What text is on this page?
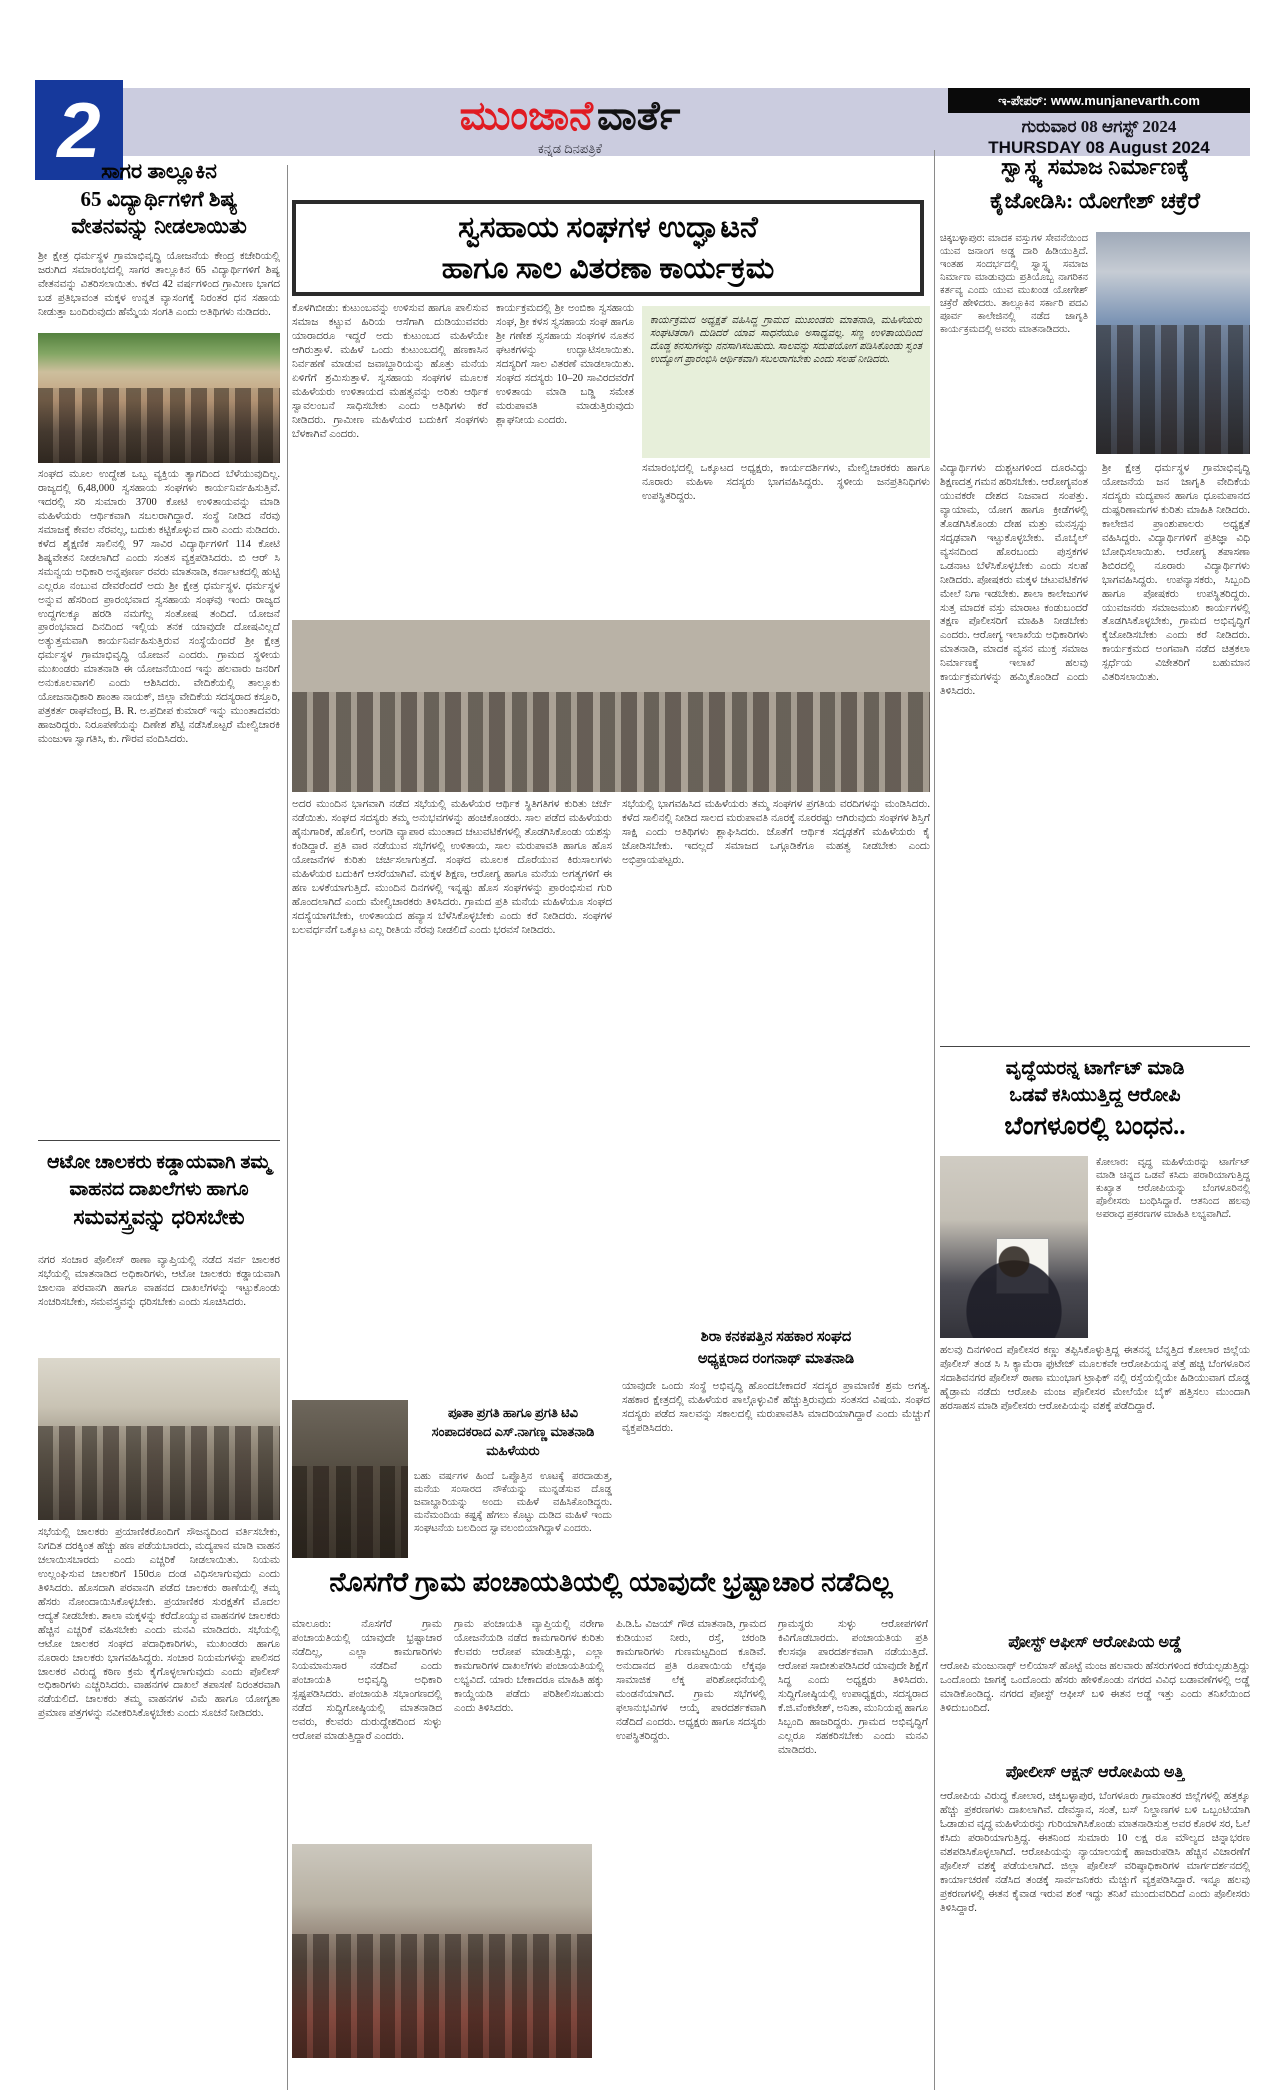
2	ಮುಂಜಾನೆ ವಾರ್ತೆ
ಕನ್ನಡ ದಿನಪತ್ರಿಕೆ
ಇ-ಪೇಪರ್: www.munjanevarth.com
ಗುರುವಾರ 08 ಆಗಸ್ಟ್ 2024
THURSDAY 08 August 2024
ಸಾಗರ ತಾಲ್ಲೂಕಿನ
65 ವಿದ್ಯಾರ್ಥಿಗಳಿಗೆ ಶಿಷ್ಯ
ವೇತನವನ್ನು ನೀಡಲಾಯಿತು
ಶ್ರೀ ಕ್ಷೇತ್ರ ಧರ್ಮಸ್ಥಳ ಗ್ರಾಮಾಭಿವೃದ್ಧಿ ಯೋಜನೆಯ ಕೇಂದ್ರ ಕಚೇರಿಯಲ್ಲಿ ಜರುಗಿದ ಸಮಾರಂಭದಲ್ಲಿ ಸಾಗರ ತಾಲ್ಲೂಕಿನ 65 ವಿದ್ಯಾರ್ಥಿಗಳಿಗೆ ಶಿಷ್ಯ ವೇತನವನ್ನು ವಿತರಿಸಲಾಯಿತು. ಕಳೆದ 42 ವರ್ಷಗಳಿಂದ ಗ್ರಾಮೀಣ ಭಾಗದ ಬಡ ಪ್ರತಿಭಾವಂತ ಮಕ್ಕಳ ಉನ್ನತ ವ್ಯಾಸಂಗಕ್ಕೆ ನಿರಂತರ ಧನ ಸಹಾಯ ನೀಡುತ್ತಾ ಬಂದಿರುವುದು ಹೆಮ್ಮೆಯ ಸಂಗತಿ ಎಂದು ಅತಿಥಿಗಳು ನುಡಿದರು.
ಸಂಘದ ಮೂಲ ಉದ್ದೇಶ ಒಬ್ಬ ವ್ಯಕ್ತಿಯ ತ್ಯಾಗದಿಂದ ಬೆಳೆಯುವುದಿಲ್ಲ. ರಾಜ್ಯದಲ್ಲಿ 6,48,000 ಸ್ವಸಹಾಯ ಸಂಘಗಳು ಕಾರ್ಯನಿರ್ವಹಿಸುತ್ತಿವೆ. ಇದರಲ್ಲಿ ಸರಿ ಸುಮಾರು 3700 ಕೋಟಿ ಉಳಿತಾಯವನ್ನು ಮಾಡಿ ಮಹಿಳೆಯರು ಆರ್ಥಿಕವಾಗಿ ಸಬಲರಾಗಿದ್ದಾರೆ. ಸಂಸ್ಥೆ ನೀಡಿದ ನೆರವು ಸಮಾಜಕ್ಕೆ ಕೇವಲ ನೆರವಲ್ಲ, ಬದುಕು ಕಟ್ಟಿಕೊಳ್ಳುವ ದಾರಿ ಎಂದು ನುಡಿದರು. ಕಳೆದ ಶೈಕ್ಷಣಿಕ ಸಾಲಿನಲ್ಲಿ 97 ಸಾವಿರ ವಿದ್ಯಾರ್ಥಿಗಳಿಗೆ 114 ಕೋಟಿ ಶಿಷ್ಯವೇತನ ನೀಡಲಾಗಿದೆ ಎಂದು ಸಂತಸ ವ್ಯಕ್ತಪಡಿಸಿದರು. ಬಿ ಆರ್ ಸಿ ಸಮನ್ವಯ ಅಧಿಕಾರಿ ಅನ್ನಪೂರ್ಣ ರವರು ಮಾತನಾಡಿ, ಕರ್ನಾಟಕದಲ್ಲಿ ಹುಟ್ಟಿ ಎಲ್ಲರೂ ನಂಬುವ ದೇವರೆಂದರೆ ಅದು ಶ್ರೀ ಕ್ಷೇತ್ರ ಧರ್ಮಸ್ಥಳ. ಧರ್ಮಸ್ಥಳ ಅನ್ನುವ ಹೆಸರಿಂದ ಪ್ರಾರಂಭವಾದ ಸ್ವಸಹಾಯ ಸಂಘವು ಇಂದು ರಾಜ್ಯದ ಉದ್ದಗಲಕ್ಕೂ ಹರಡಿ ನಮಗೆಲ್ಲ ಸಂತೋಷ ತಂದಿದೆ. ಯೋಜನೆ ಪ್ರಾರಂಭವಾದ ದಿನದಿಂದ ಇಲ್ಲಿಯ ತನಕ ಯಾವುದೇ ದೋಷವಿಲ್ಲದೆ ಅತ್ಯುತ್ತಮವಾಗಿ ಕಾರ್ಯನಿರ್ವಹಿಸುತ್ತಿರುವ ಸಂಸ್ಥೆಯೆಂದರೆ ಶ್ರೀ ಕ್ಷೇತ್ರ ಧರ್ಮಸ್ಥಳ ಗ್ರಾಮಾಭಿವೃದ್ಧಿ ಯೋಜನೆ ಎಂದರು. ಗ್ರಾಮದ ಸ್ಥಳೀಯ ಮುಖಂಡರು ಮಾತನಾಡಿ ಈ ಯೋಜನೆಯಿಂದ ಇನ್ನು ಹಲವಾರು ಜನರಿಗೆ ಅನುಕೂಲವಾಗಲಿ ಎಂದು ಆಶಿಸಿದರು. ವೇದಿಕೆಯಲ್ಲಿ ತಾಲ್ಲೂಕು ಯೋಜನಾಧಿಕಾರಿ ಶಾಂತಾ ನಾಯಕ್, ಜಿಲ್ಲಾ ವೇದಿಕೆಯ ಸದಸ್ಯರಾದ ಕಸ್ತೂರಿ, ಪತ್ರಕರ್ತ ರಾಘವೇಂದ್ರ, B. R. ಅ.ಪ್ರದೀಪ ಕುಮಾರ್ ಇನ್ನು ಮುಂತಾದವರು ಹಾಜರಿದ್ದರು. ನಿರೂಪಣೆಯನ್ನು ದಿಣೇಶ ಶೆಟ್ಟಿ ನಡೆಸಿಕೊಟ್ಟರೆ ಮೇಲ್ವಿಚಾರಕಿ ಮಂಜುಳಾ ಸ್ವಾಗತಿಸಿ, ಕು. ಗೌರವ ವಂದಿಸಿದರು.
ಆಟೋ ಚಾಲಕರು ಕಡ್ಡಾಯವಾಗಿ ತಮ್ಮ
ವಾಹನದ ದಾಖಲೆಗಳು ಹಾಗೂ
ಸಮವಸ್ತ್ರವನ್ನು ಧರಿಸಬೇಕು
ನಗರ ಸಂಚಾರ ಪೊಲೀಸ್ ಠಾಣಾ ವ್ಯಾಪ್ತಿಯಲ್ಲಿ ನಡೆದ ಸರ್ವ ಚಾಲಕರ ಸಭೆಯಲ್ಲಿ ಮಾತನಾಡಿದ ಅಧಿಕಾರಿಗಳು, ಆಟೋ ಚಾಲಕರು ಕಡ್ಡಾಯವಾಗಿ ಚಾಲನಾ ಪರವಾನಗಿ ಹಾಗೂ ವಾಹನದ ದಾಖಲೆಗಳನ್ನು ಇಟ್ಟುಕೊಂಡು ಸಂಚರಿಸಬೇಕು, ಸಮವಸ್ತ್ರವನ್ನು ಧರಿಸಬೇಕು ಎಂದು ಸೂಚಿಸಿದರು.
ಸಭೆಯಲ್ಲಿ ಚಾಲಕರು ಪ್ರಯಾಣಿಕರೊಂದಿಗೆ ಸೌಜನ್ಯದಿಂದ ವರ್ತಿಸಬೇಕು, ನಿಗದಿತ ದರಕ್ಕಿಂತ ಹೆಚ್ಚು ಹಣ ಪಡೆಯಬಾರದು, ಮದ್ಯಪಾನ ಮಾಡಿ ವಾಹನ ಚಲಾಯಿಸಬಾರದು ಎಂದು ಎಚ್ಚರಿಕೆ ನೀಡಲಾಯಿತು. ನಿಯಮ ಉಲ್ಲಂಘಿಸುವ ಚಾಲಕರಿಗೆ 150ರೂ ದಂಡ ವಿಧಿಸಲಾಗುವುದು ಎಂದು ತಿಳಿಸಿದರು. ಹೊಸದಾಗಿ ಪರವಾನಗಿ ಪಡೆದ ಚಾಲಕರು ಠಾಣೆಯಲ್ಲಿ ತಮ್ಮ ಹೆಸರು ನೋಂದಾಯಿಸಿಕೊಳ್ಳಬೇಕು. ಪ್ರಯಾಣಿಕರ ಸುರಕ್ಷತೆಗೆ ಮೊದಲ ಆದ್ಯತೆ ನೀಡಬೇಕು. ಶಾಲಾ ಮಕ್ಕಳನ್ನು ಕರೆದೊಯ್ಯುವ ವಾಹನಗಳ ಚಾಲಕರು ಹೆಚ್ಚಿನ ಎಚ್ಚರಿಕೆ ವಹಿಸಬೇಕು ಎಂದು ಮನವಿ ಮಾಡಿದರು. ಸಭೆಯಲ್ಲಿ ಆಟೋ ಚಾಲಕರ ಸಂಘದ ಪದಾಧಿಕಾರಿಗಳು, ಮುಖಂಡರು ಹಾಗೂ ನೂರಾರು ಚಾಲಕರು ಭಾಗವಹಿಸಿದ್ದರು. ಸಂಚಾರ ನಿಯಮಗಳನ್ನು ಪಾಲಿಸದ ಚಾಲಕರ ವಿರುದ್ಧ ಕಠಿಣ ಕ್ರಮ ಕೈಗೊಳ್ಳಲಾಗುವುದು ಎಂದು ಪೊಲೀಸ್ ಅಧಿಕಾರಿಗಳು ಎಚ್ಚರಿಸಿದರು. ವಾಹನಗಳ ದಾಖಲೆ ತಪಾಸಣೆ ನಿರಂತರವಾಗಿ ನಡೆಯಲಿದೆ. ಚಾಲಕರು ತಮ್ಮ ವಾಹನಗಳ ವಿಮೆ ಹಾಗೂ ಯೋಗ್ಯತಾ ಪ್ರಮಾಣ ಪತ್ರಗಳನ್ನು ನವೀಕರಿಸಿಕೊಳ್ಳಬೇಕು ಎಂದು ಸೂಚನೆ ನೀಡಿದರು.
ಸ್ವಸಹಾಯ ಸಂಘಗಳ ಉದ್ಘಾಟನೆ
ಹಾಗೂ ಸಾಲ ವಿತರಣಾ ಕಾರ್ಯಕ್ರಮ
ಕೊಳಗಿಬೀಡು: ಕುಟುಂಬವನ್ನು ಉಳಿಸುವ ಹಾಗೂ ಪಾಲಿಸುವ ಸಮಾಜ ಕಟ್ಟುವ ಹಿರಿಯ ಆಸೆಗಾಗಿ ದುಡಿಯುವವರು ಯಾರಾದರೂ ಇದ್ದರೆ ಅದು ಕುಟುಂಬದ ಮಹಿಳೆಯೇ ಆಗಿರುತ್ತಾಳೆ. ಮಹಿಳೆ ಒಂದು ಕುಟುಂಬದಲ್ಲಿ ಹಣಕಾಸಿನ ನಿರ್ವಹಣೆ ಮಾಡುವ ಜವಾಬ್ದಾರಿಯನ್ನು ಹೊತ್ತು ಮನೆಯ ಏಳಿಗೆಗೆ ಶ್ರಮಿಸುತ್ತಾಳೆ. ಸ್ವಸಹಾಯ ಸಂಘಗಳ ಮೂಲಕ ಮಹಿಳೆಯರು ಉಳಿತಾಯದ ಮಹತ್ವವನ್ನು ಅರಿತು ಆರ್ಥಿಕ ಸ್ವಾವಲಂಬನೆ ಸಾಧಿಸಬೇಕು ಎಂದು ಅತಿಥಿಗಳು ಕರೆ ನೀಡಿದರು. ಗ್ರಾಮೀಣ ಮಹಿಳೆಯರ ಬದುಕಿಗೆ ಸಂಘಗಳು ಬೆಳಕಾಗಿವೆ ಎಂದರು.
ಕಾರ್ಯಕ್ರಮದಲ್ಲಿ ಶ್ರೀ ಅಂಬಿಕಾ ಸ್ವಸಹಾಯ ಸಂಘ, ಶ್ರೀ ಕಳಸ ಸ್ವಸಹಾಯ ಸಂಘ ಹಾಗೂ ಶ್ರೀ ಗಣೇಶ ಸ್ವಸಹಾಯ ಸಂಘಗಳ ನೂತನ ಘಟಕಗಳನ್ನು ಉದ್ಘಾಟಿಸಲಾಯಿತು. ಸದಸ್ಯರಿಗೆ ಸಾಲ ವಿತರಣೆ ಮಾಡಲಾಯಿತು. ಸಂಘದ ಸದಸ್ಯರು 10–20 ಸಾವಿರದವರೆಗೆ ಉಳಿತಾಯ ಮಾಡಿ ಬಡ್ಡಿ ಸಮೇತ ಮರುಪಾವತಿ ಮಾಡುತ್ತಿರುವುದು ಶ್ಲಾಘನೀಯ ಎಂದರು.
ಕಾರ್ಯಕ್ರಮದ ಅಧ್ಯಕ್ಷತೆ ವಹಿಸಿದ್ದ ಗ್ರಾಮದ ಮುಖಂಡರು ಮಾತನಾಡಿ, ಮಹಿಳೆಯರು ಸಂಘಟಿತರಾಗಿ ದುಡಿದರೆ ಯಾವ ಸಾಧನೆಯೂ ಅಸಾಧ್ಯವಲ್ಲ. ಸಣ್ಣ ಉಳಿತಾಯದಿಂದ ದೊಡ್ಡ ಕನಸುಗಳನ್ನು ನನಸಾಗಿಸಬಹುದು. ಸಾಲವನ್ನು ಸದುಪಯೋಗ ಪಡಿಸಿಕೊಂಡು ಸ್ವಂತ ಉದ್ಯೋಗ ಪ್ರಾರಂಭಿಸಿ ಆರ್ಥಿಕವಾಗಿ ಸಬಲರಾಗಬೇಕು ಎಂದು ಸಲಹೆ ನೀಡಿದರು.
ಸಮಾರಂಭದಲ್ಲಿ ಒಕ್ಕೂಟದ ಅಧ್ಯಕ್ಷರು, ಕಾರ್ಯದರ್ಶಿಗಳು, ಮೇಲ್ವಿಚಾರಕರು ಹಾಗೂ ನೂರಾರು ಮಹಿಳಾ ಸದಸ್ಯರು ಭಾಗವಹಿಸಿದ್ದರು. ಸ್ಥಳೀಯ ಜನಪ್ರತಿನಿಧಿಗಳು ಉಪಸ್ಥಿತರಿದ್ದರು.
ಅದರ ಮುಂದಿನ ಭಾಗವಾಗಿ ನಡೆದ ಸಭೆಯಲ್ಲಿ ಮಹಿಳೆಯರ ಆರ್ಥಿಕ ಸ್ಥಿತಿಗತಿಗಳ ಕುರಿತು ಚರ್ಚೆ ನಡೆಯಿತು. ಸಂಘದ ಸದಸ್ಯರು ತಮ್ಮ ಅನುಭವಗಳನ್ನು ಹಂಚಿಕೊಂಡರು. ಸಾಲ ಪಡೆದ ಮಹಿಳೆಯರು ಹೈನುಗಾರಿಕೆ, ಹೊಲಿಗೆ, ಅಂಗಡಿ ವ್ಯಾಪಾರ ಮುಂತಾದ ಚಟುವಟಿಕೆಗಳಲ್ಲಿ ತೊಡಗಿಸಿಕೊಂಡು ಯಶಸ್ಸು ಕಂಡಿದ್ದಾರೆ. ಪ್ರತಿ ವಾರ ನಡೆಯುವ ಸಭೆಗಳಲ್ಲಿ ಉಳಿತಾಯ, ಸಾಲ ಮರುಪಾವತಿ ಹಾಗೂ ಹೊಸ ಯೋಜನೆಗಳ ಕುರಿತು ಚರ್ಚಿಸಲಾಗುತ್ತದೆ. ಸಂಘದ ಮೂಲಕ ದೊರೆಯುವ ಕಿರುಸಾಲಗಳು ಮಹಿಳೆಯರ ಬದುಕಿಗೆ ಆಸರೆಯಾಗಿವೆ. ಮಕ್ಕಳ ಶಿಕ್ಷಣ, ಆರೋಗ್ಯ ಹಾಗೂ ಮನೆಯ ಅಗತ್ಯಗಳಿಗೆ ಈ ಹಣ ಬಳಕೆಯಾಗುತ್ತಿದೆ. ಮುಂದಿನ ದಿನಗಳಲ್ಲಿ ಇನ್ನಷ್ಟು ಹೊಸ ಸಂಘಗಳನ್ನು ಪ್ರಾರಂಭಿಸುವ ಗುರಿ ಹೊಂದಲಾಗಿದೆ ಎಂದು ಮೇಲ್ವಿಚಾರಕರು ತಿಳಿಸಿದರು. ಗ್ರಾಮದ ಪ್ರತಿ ಮನೆಯ ಮಹಿಳೆಯೂ ಸಂಘದ ಸದಸ್ಯೆಯಾಗಬೇಕು, ಉಳಿತಾಯದ ಹವ್ಯಾಸ ಬೆಳೆಸಿಕೊಳ್ಳಬೇಕು ಎಂದು ಕರೆ ನೀಡಿದರು. ಸಂಘಗಳ ಬಲವರ್ಧನೆಗೆ ಒಕ್ಕೂಟ ಎಲ್ಲ ರೀತಿಯ ನೆರವು ನೀಡಲಿದೆ ಎಂದು ಭರವಸೆ ನೀಡಿದರು.
ಪೂತಾ ಪ್ರಗತಿ ಹಾಗೂ ಪ್ರಗತಿ ಟಿವಿ
ಸಂಪಾದಕರಾದ ಎಸ್.ನಾಗಣ್ಣ ಮಾತನಾಡಿ
ಮಹಿಳೆಯರು
ಬಹು ವರ್ಷಗಳ ಹಿಂದೆ ಒಪ್ಪೊತ್ತಿನ ಊಟಕ್ಕೆ ಪರದಾಡುತ್ತ, ಮನೆಯ ಸಂಸಾರದ ನೌಕೆಯನ್ನು ಮುನ್ನಡೆಸುವ ದೊಡ್ಡ ಜವಾಬ್ದಾರಿಯನ್ನು ಅಂದು ಮಹಿಳೆ ವಹಿಸಿಕೊಂಡಿದ್ದರು. ಮನೆಮಂದಿಯ ಕಷ್ಟಕ್ಕೆ ಹೆಗಲು ಕೊಟ್ಟು ದುಡಿದ ಮಹಿಳೆ ಇಂದು ಸಂಘಟನೆಯ ಬಲದಿಂದ ಸ್ವಾವಲಂಬಿಯಾಗಿದ್ದಾಳೆ ಎಂದರು.
ಸಭೆಯಲ್ಲಿ ಭಾಗವಹಿಸಿದ ಮಹಿಳೆಯರು ತಮ್ಮ ಸಂಘಗಳ ಪ್ರಗತಿಯ ವರದಿಗಳನ್ನು ಮಂಡಿಸಿದರು. ಕಳೆದ ಸಾಲಿನಲ್ಲಿ ನೀಡಿದ ಸಾಲದ ಮರುಪಾವತಿ ನೂರಕ್ಕೆ ನೂರರಷ್ಟು ಆಗಿರುವುದು ಸಂಘಗಳ ಶಿಸ್ತಿಗೆ ಸಾಕ್ಷಿ ಎಂದು ಅತಿಥಿಗಳು ಶ್ಲಾಘಿಸಿದರು. ಜೊತೆಗೆ ಆರ್ಥಿಕ ಸದೃಢತೆಗೆ ಮಹಿಳೆಯರು ಕೈ ಜೋಡಿಸಬೇಕು. ಇದಲ್ಲದೆ ಸಮಾಜದ ಒಗ್ಗೂಡಿಕೆಗೂ ಮಹತ್ವ ನೀಡಬೇಕು ಎಂದು ಅಭಿಪ್ರಾಯಪಟ್ಟರು.
ಶಿರಾ ಕನಕಪತ್ತಿನ ಸಹಕಾರ ಸಂಘದ
ಅಧ್ಯಕ್ಷರಾದ ರಂಗನಾಥ್ ಮಾತನಾಡಿ
ಯಾವುದೇ ಒಂದು ಸಂಸ್ಥೆ ಅಭಿವೃದ್ಧಿ ಹೊಂದಬೇಕಾದರೆ ಸದಸ್ಯರ ಪ್ರಾಮಾಣಿಕ ಶ್ರಮ ಅಗತ್ಯ. ಸಹಕಾರ ಕ್ಷೇತ್ರದಲ್ಲಿ ಮಹಿಳೆಯರ ಪಾಲ್ಗೊಳ್ಳುವಿಕೆ ಹೆಚ್ಚುತ್ತಿರುವುದು ಸಂತಸದ ವಿಷಯ. ಸಂಘದ ಸದಸ್ಯರು ಪಡೆದ ಸಾಲವನ್ನು ಸಕಾಲದಲ್ಲಿ ಮರುಪಾವತಿಸಿ ಮಾದರಿಯಾಗಿದ್ದಾರೆ ಎಂದು ಮೆಚ್ಚುಗೆ ವ್ಯಕ್ತಪಡಿಸಿದರು.
ನೊಸಗೆರೆ ಗ್ರಾಮ ಪಂಚಾಯತಿಯಲ್ಲಿ ಯಾವುದೇ ಭ್ರಷ್ಟಾಚಾರ ನಡೆದಿಲ್ಲ
ಮಾಲೂರು: ನೊಸಗೆರೆ ಗ್ರಾಮ ಪಂಚಾಯತಿಯಲ್ಲಿ ಯಾವುದೇ ಭ್ರಷ್ಟಾಚಾರ ನಡೆದಿಲ್ಲ, ಎಲ್ಲಾ ಕಾಮಗಾರಿಗಳು ನಿಯಮಾನುಸಾರ ನಡೆದಿವೆ ಎಂದು ಪಂಚಾಯತಿ ಅಭಿವೃದ್ಧಿ ಅಧಿಕಾರಿ ಸ್ಪಷ್ಟಪಡಿಸಿದರು. ಪಂಚಾಯತಿ ಸಭಾಂಗಣದಲ್ಲಿ ನಡೆದ ಸುದ್ದಿಗೋಷ್ಠಿಯಲ್ಲಿ ಮಾತನಾಡಿದ ಅವರು, ಕೆಲವರು ದುರುದ್ದೇಶದಿಂದ ಸುಳ್ಳು ಆರೋಪ ಮಾಡುತ್ತಿದ್ದಾರೆ ಎಂದರು.
ಗ್ರಾಮ ಪಂಚಾಯತಿ ವ್ಯಾಪ್ತಿಯಲ್ಲಿ ನರೇಗಾ ಯೋಜನೆಯಡಿ ನಡೆದ ಕಾಮಗಾರಿಗಳ ಕುರಿತು ಕೆಲವರು ಆರೋಪ ಮಾಡುತ್ತಿದ್ದು, ಎಲ್ಲಾ ಕಾಮಗಾರಿಗಳ ದಾಖಲೆಗಳು ಪಂಚಾಯತಿಯಲ್ಲಿ ಲಭ್ಯವಿದೆ. ಯಾರು ಬೇಕಾದರೂ ಮಾಹಿತಿ ಹಕ್ಕು ಕಾಯ್ದೆಯಡಿ ಪಡೆದು ಪರಿಶೀಲಿಸಬಹುದು ಎಂದು ತಿಳಿಸಿದರು.
ಪಿ.ಡಿ.ಓ ವಿಜಯ್ ಗೌಡ ಮಾತನಾಡಿ, ಗ್ರಾಮದ ಕುಡಿಯುವ ನೀರು, ರಸ್ತೆ, ಚರಂಡಿ ಕಾಮಗಾರಿಗಳು ಗುಣಮಟ್ಟದಿಂದ ಕೂಡಿವೆ. ಅನುದಾನದ ಪ್ರತಿ ರೂಪಾಯಿಯ ಲೆಕ್ಕವೂ ಸಾಮಾಜಿಕ ಲೆಕ್ಕ ಪರಿಶೋಧನೆಯಲ್ಲಿ ಮಂಡನೆಯಾಗಿದೆ. ಗ್ರಾಮ ಸಭೆಗಳಲ್ಲಿ ಫಲಾನುಭವಿಗಳ ಆಯ್ಕೆ ಪಾರದರ್ಶಕವಾಗಿ ನಡೆದಿದೆ ಎಂದರು. ಅಧ್ಯಕ್ಷರು ಹಾಗೂ ಸದಸ್ಯರು ಉಪಸ್ಥಿತರಿದ್ದರು.
ಗ್ರಾಮಸ್ಥರು ಸುಳ್ಳು ಆರೋಪಗಳಿಗೆ ಕಿವಿಗೊಡಬಾರದು. ಪಂಚಾಯತಿಯ ಪ್ರತಿ ಕೆಲಸವೂ ಪಾರದರ್ಶಕವಾಗಿ ನಡೆಯುತ್ತಿದೆ. ಆರೋಪ ಸಾಬೀತುಪಡಿಸಿದರೆ ಯಾವುದೇ ಶಿಕ್ಷೆಗೆ ಸಿದ್ಧ ಎಂದು ಅಧ್ಯಕ್ಷರು ತಿಳಿಸಿದರು. ಸುದ್ದಿಗೋಷ್ಠಿಯಲ್ಲಿ ಉಪಾಧ್ಯಕ್ಷರು, ಸದಸ್ಯರಾದ ಕೆ.ಜಿ.ವೆಂಕಟೇಶ್, ಅನಿತಾ, ಮುನಿಯಪ್ಪ ಹಾಗೂ ಸಿಬ್ಬಂದಿ ಹಾಜರಿದ್ದರು. ಗ್ರಾಮದ ಅಭಿವೃದ್ಧಿಗೆ ಎಲ್ಲರೂ ಸಹಕರಿಸಬೇಕು ಎಂದು ಮನವಿ ಮಾಡಿದರು.
ಸ್ವಾಸ್ಥ್ಯ ಸಮಾಜ ನಿರ್ಮಾಣಕ್ಕೆ
ಕೈಜೋಡಿಸಿ: ಯೋಗೇಶ್ ಚಕ್ರೆರೆ
ಚಿಕ್ಕಬಳ್ಳಾಪುರ: ಮಾದಕ ವಸ್ತುಗಳ ಸೇವನೆಯಿಂದ ಯುವ ಜನಾಂಗ ಅಡ್ಡ ದಾರಿ ಹಿಡಿಯುತ್ತಿದೆ. ಇಂತಹ ಸಂದರ್ಭದಲ್ಲಿ ಸ್ವಾಸ್ಥ್ಯ ಸಮಾಜ ನಿರ್ಮಾಣ ಮಾಡುವುದು ಪ್ರತಿಯೊಬ್ಬ ನಾಗರಿಕನ ಕರ್ತವ್ಯ ಎಂದು ಯುವ ಮುಖಂಡ ಯೋಗೇಶ್ ಚಕ್ರೆರೆ ಹೇಳಿದರು. ತಾಲ್ಲೂಕಿನ ಸರ್ಕಾರಿ ಪದವಿ ಪೂರ್ವ ಕಾಲೇಜಿನಲ್ಲಿ ನಡೆದ ಜಾಗೃತಿ ಕಾರ್ಯಕ್ರಮದಲ್ಲಿ ಅವರು ಮಾತನಾಡಿದರು.
ವಿದ್ಯಾರ್ಥಿಗಳು ದುಶ್ಚಟಗಳಿಂದ ದೂರವಿದ್ದು ಶಿಕ್ಷಣದತ್ತ ಗಮನ ಹರಿಸಬೇಕು. ಆರೋಗ್ಯವಂತ ಯುವಕರೇ ದೇಶದ ನಿಜವಾದ ಸಂಪತ್ತು. ವ್ಯಾಯಾಮ, ಯೋಗ ಹಾಗೂ ಕ್ರೀಡೆಗಳಲ್ಲಿ ತೊಡಗಿಸಿಕೊಂಡು ದೇಹ ಮತ್ತು ಮನಸ್ಸನ್ನು ಸದೃಢವಾಗಿ ಇಟ್ಟುಕೊಳ್ಳಬೇಕು. ಮೊಬೈಲ್ ವ್ಯಸನದಿಂದ ಹೊರಬಂದು ಪುಸ್ತಕಗಳ ಒಡನಾಟ ಬೆಳೆಸಿಕೊಳ್ಳಬೇಕು ಎಂದು ಸಲಹೆ ನೀಡಿದರು. ಪೋಷಕರು ಮಕ್ಕಳ ಚಟುವಟಿಕೆಗಳ ಮೇಲೆ ನಿಗಾ ಇಡಬೇಕು. ಶಾಲಾ ಕಾಲೇಜುಗಳ ಸುತ್ತ ಮಾದಕ ವಸ್ತು ಮಾರಾಟ ಕಂಡುಬಂದರೆ ತಕ್ಷಣ ಪೊಲೀಸರಿಗೆ ಮಾಹಿತಿ ನೀಡಬೇಕು ಎಂದರು. ಆರೋಗ್ಯ ಇಲಾಖೆಯ ಅಧಿಕಾರಿಗಳು ಮಾತನಾಡಿ, ಮಾದಕ ವ್ಯಸನ ಮುಕ್ತ ಸಮಾಜ ನಿರ್ಮಾಣಕ್ಕೆ ಇಲಾಖೆ ಹಲವು ಕಾರ್ಯಕ್ರಮಗಳನ್ನು ಹಮ್ಮಿಕೊಂಡಿದೆ ಎಂದು ತಿಳಿಸಿದರು.
ಶ್ರೀ ಕ್ಷೇತ್ರ ಧರ್ಮಸ್ಥಳ ಗ್ರಾಮಾಭಿವೃದ್ಧಿ ಯೋಜನೆಯ ಜನ ಜಾಗೃತಿ ವೇದಿಕೆಯ ಸದಸ್ಯರು ಮದ್ಯಪಾನ ಹಾಗೂ ಧೂಮಪಾನದ ದುಷ್ಪರಿಣಾಮಗಳ ಕುರಿತು ಮಾಹಿತಿ ನೀಡಿದರು. ಕಾಲೇಜಿನ ಪ್ರಾಂಶುಪಾಲರು ಅಧ್ಯಕ್ಷತೆ ವಹಿಸಿದ್ದರು. ವಿದ್ಯಾರ್ಥಿಗಳಿಗೆ ಪ್ರತಿಜ್ಞಾ ವಿಧಿ ಬೋಧಿಸಲಾಯಿತು. ಆರೋಗ್ಯ ತಪಾಸಣಾ ಶಿಬಿರದಲ್ಲಿ ನೂರಾರು ವಿದ್ಯಾರ್ಥಿಗಳು ಭಾಗವಹಿಸಿದ್ದರು. ಉಪನ್ಯಾಸಕರು, ಸಿಬ್ಬಂದಿ ಹಾಗೂ ಪೋಷಕರು ಉಪಸ್ಥಿತರಿದ್ದರು. ಯುವಜನರು ಸಮಾಜಮುಖಿ ಕಾರ್ಯಗಳಲ್ಲಿ ತೊಡಗಿಸಿಕೊಳ್ಳಬೇಕು, ಗ್ರಾಮದ ಅಭಿವೃದ್ಧಿಗೆ ಕೈಜೋಡಿಸಬೇಕು ಎಂದು ಕರೆ ನೀಡಿದರು. ಕಾರ್ಯಕ್ರಮದ ಅಂಗವಾಗಿ ನಡೆದ ಚಿತ್ರಕಲಾ ಸ್ಪರ್ಧೆಯ ವಿಜೇತರಿಗೆ ಬಹುಮಾನ ವಿತರಿಸಲಾಯಿತು.
ವೃದ್ಧೆಯರನ್ನ ಟಾರ್ಗೆಟ್ ಮಾಡಿ
ಒಡವೆ ಕಸಿಯುತ್ತಿದ್ದ ಆರೋಪಿ
ಬೆಂಗಳೂರಲ್ಲಿ ಬಂಧನ..
ಕೋಲಾರ: ವೃದ್ಧ ಮಹಿಳೆಯರನ್ನು ಟಾರ್ಗೆಟ್ ಮಾಡಿ ಚಿನ್ನದ ಒಡವೆ ಕಸಿದು ಪರಾರಿಯಾಗುತ್ತಿದ್ದ ಕುಖ್ಯಾತ ಆರೋಪಿಯನ್ನು ಬೆಂಗಳೂರಿನಲ್ಲಿ ಪೊಲೀಸರು ಬಂಧಿಸಿದ್ದಾರೆ. ಆತನಿಂದ ಹಲವು ಅಪರಾಧ ಪ್ರಕರಣಗಳ ಮಾಹಿತಿ ಲಭ್ಯವಾಗಿದೆ.
ಹಲವು ದಿನಗಳಿಂದ ಪೊಲೀಸರ ಕಣ್ಣು ತಪ್ಪಿಸಿಕೊಳ್ಳುತ್ತಿದ್ದ ಈತನನ್ನ ಬೆನ್ನತ್ತಿದ ಕೋಲಾರ ಜಿಲ್ಲೆಯ ಪೊಲೀಸ್ ತಂಡ ಸಿ ಸಿ ಕ್ಯಾಮೆರಾ ಫುಟೇಜ್ ಮೂಲಕವೇ ಆರೋಪಿಯನ್ನ ಪತ್ತೆ ಹಚ್ಚಿ ಬೆಂಗಳೂರಿನ ಸದಾಶಿವನಗರ ಪೊಲೀಸ್ ಠಾಣಾ ಮುಂಭಾಗ ಟ್ರಾಫಿಕ್ ನಲ್ಲಿ ರಸ್ತೆಯಲ್ಲಿಯೇ ಹಿಡಿಯುವಾಗ ದೊಡ್ಡ ಹೈಡ್ರಾಮ ನಡೆದು ಆರೋಪಿ ಮಂಜ ಪೊಲೀಸರ ಮೇಲೆಯೇ ಬೈಕ್ ಹತ್ತಿಸಲು ಮುಂದಾಗಿ ಹರಸಾಹಸ ಮಾಡಿ ಪೊಲೀಸರು ಆರೋಪಿಯನ್ನು ವಶಕ್ಕೆ ಪಡೆದಿದ್ದಾರೆ.
ಪೋಸ್ಟ್ ಆಫೀಸ್ ಆರೋಪಿಯ ಅಡ್ಡೆ
ಆರೋಪಿ ಮಂಜುನಾಥ್ ಅಲಿಯಾಸ್ ಹೊಟ್ಟೆ ಮಂಜ ಹಲವಾರು ಹೆಸರುಗಳಿಂದ ಕರೆಯಲ್ಪಡುತ್ತಿದ್ದು ಒಂದೊಂದು ಜಾಗಕ್ಕೆ ಒಂದೊಂದು ಹೆಸರು ಹೇಳಿಕೊಂಡು ನಗರದ ವಿವಿಧ ಬಡಾವಣೆಗಳಲ್ಲಿ ಅಡ್ಡೆ ಮಾಡಿಕೊಂಡಿದ್ದ. ನಗರದ ಪೋಸ್ಟ್ ಆಫೀಸ್ ಬಳಿ ಈತನ ಅಡ್ಡೆ ಇತ್ತು ಎಂದು ತನಿಖೆಯಿಂದ ತಿಳಿದುಬಂದಿದೆ.
ಪೋಲೀಸ್ ಆಕ್ಷನ್ ಆರೋಪಿಯ ಅತ್ತಿ
ಆರೋಪಿಯ ವಿರುದ್ಧ ಕೋಲಾರ, ಚಿಕ್ಕಬಳ್ಳಾಪುರ, ಬೆಂಗಳೂರು ಗ್ರಾಮಾಂತರ ಜಿಲ್ಲೆಗಳಲ್ಲಿ ಹತ್ತಕ್ಕೂ ಹೆಚ್ಚು ಪ್ರಕರಣಗಳು ದಾಖಲಾಗಿವೆ. ದೇವಸ್ಥಾನ, ಸಂತೆ, ಬಸ್ ನಿಲ್ದಾಣಗಳ ಬಳಿ ಒಬ್ಬಂಟಿಯಾಗಿ ಓಡಾಡುವ ವೃದ್ಧ ಮಹಿಳೆಯರನ್ನು ಗುರಿಯಾಗಿಸಿಕೊಂಡು ಮಾತನಾಡಿಸುತ್ತ ಅವರ ಕೊರಳ ಸರ, ಓಲೆ ಕಸಿದು ಪರಾರಿಯಾಗುತ್ತಿದ್ದ. ಈತನಿಂದ ಸುಮಾರು 10 ಲಕ್ಷ ರೂ ಮೌಲ್ಯದ ಚಿನ್ನಾಭರಣ ವಶಪಡಿಸಿಕೊಳ್ಳಲಾಗಿದೆ. ಆರೋಪಿಯನ್ನು ನ್ಯಾಯಾಲಯಕ್ಕೆ ಹಾಜರುಪಡಿಸಿ ಹೆಚ್ಚಿನ ವಿಚಾರಣೆಗೆ ಪೊಲೀಸ್ ವಶಕ್ಕೆ ಪಡೆಯಲಾಗಿದೆ. ಜಿಲ್ಲಾ ಪೊಲೀಸ್ ವರಿಷ್ಠಾಧಿಕಾರಿಗಳ ಮಾರ್ಗದರ್ಶನದಲ್ಲಿ ಕಾರ್ಯಾಚರಣೆ ನಡೆಸಿದ ತಂಡಕ್ಕೆ ಸಾರ್ವಜನಿಕರು ಮೆಚ್ಚುಗೆ ವ್ಯಕ್ತಪಡಿಸಿದ್ದಾರೆ. ಇನ್ನೂ ಹಲವು ಪ್ರಕರಣಗಳಲ್ಲಿ ಈತನ ಕೈವಾಡ ಇರುವ ಶಂಕೆ ಇದ್ದು ತನಿಖೆ ಮುಂದುವರಿದಿದೆ ಎಂದು ಪೊಲೀಸರು ತಿಳಿಸಿದ್ದಾರೆ.
